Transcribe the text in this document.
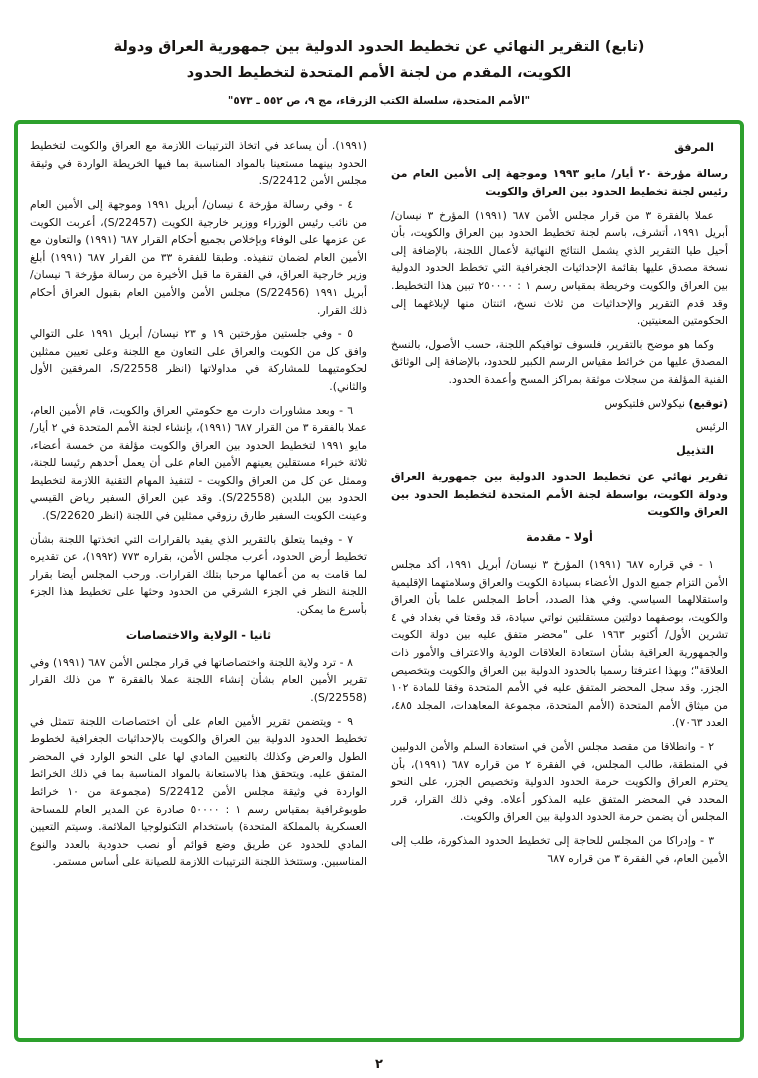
(تابع) التقرير النهائي عن تخطيط الحدود الدولية بين جمهورية العراق ودولة
الكويت، المقدم من لجنة الأمم المتحدة لتخطيط الحدود
"الأمم المتحدة، سلسلة الكتب الزرقاء، مج ٩، ص ٥٥٢ ـ ٥٧٣"
المرفق

رسالة مؤرخة ٢٠ أيار/ مايو ١٩٩٣ وموجهة إلى الأمين العام من رئيس لجنة تخطيط الحدود بين العراق والكويت

عملا بالفقرة ٣ من قرار مجلس الأمن ٦٨٧ (١٩٩١) المؤرخ ٣ نيسان/ أبريل ١٩٩١، أتشرف، باسم لجنة تخطيط الحدود بين العراق والكويت، بأن أحيل طيا التقرير الذي يشمل النتائج النهائية لأعمال اللجنة، بالإضافة إلى نسخة مصدق عليها بقائمة الإحداثيات الجغرافية التي تخطط الحدود الدولية بين العراق والكويت وخريطة بمقياس رسم ١ : ٢٥٠٠٠٠ تبين هذا التخطيط. وقد قدم التقرير والإحداثيات من ثلاث نسخ، اثنتان منها لإبلاغهما إلى الحكومتين المعنيتين.

وكما هو موضح بالتقرير، فلسوف توافيكم اللجنة، حسب الأصول، بالنسخ المصدق عليها من خرائط مقياس الرسم الكبير للحدود، بالإضافة إلى الوثائق الفنية المؤلفة من سجلات موثقة بمراكز المسح وأعمدة الحدود.

(توقيع) نيكولاس فلتيكوس

الرئيس

التذييل

تقرير نهائي عن تخطيط الحدود الدولية بين جمهورية العراق ودولة الكويت، بواسطة لجنة الأمم المتحدة لتخطيط الحدود بين العراق والكويت

أولا - مقدمة

١ - في قراره ٦٨٧ (١٩٩١) المؤرخ ٣ نيسان/ أبريل ١٩٩١، أكد مجلس الأمن التزام جميع الدول الأعضاء بسيادة الكويت والعراق وسلامتهما الإقليمية واستقلالهما السياسي. وفي هذا الصدد، أحاط المجلس علما بأن العراق والكويت، بوصفهما دولتين مستقلتين نواتي سيادة، قد وقعتا في بغداد في ٤ تشرين الأول/ أكتوبر ١٩٦٣ على "محضر متفق عليه بين دولة الكويت والجمهورية العراقية بشأن استعادة العلاقات الودية والاعتراف والأمور ذات العلاقة"؛ وبهذا اعترفتا رسميا بالحدود الدولية بين العراق والكويت وبتخصيص الجزر. وقد سجل المحضر المتفق عليه في الأمم المتحدة وفقا للمادة ١٠٢ من ميثاق الأمم المتحدة (الأمم المتحدة، مجموعة المعاهدات، المجلد ٤٨٥، العدد ٧٠٦٣).

٢ - وانطلاقا من مقصد مجلس الأمن في استعادة السلم والأمن الدوليين في المنطقة، طالب المجلس، في الفقرة ٢ من قراره ٦٨٧ (١٩٩١)، بأن يحترم العراق والكويت حرمة الحدود الدولية وتخصيص الجزر، على النحو المحدد في المحضر المتفق عليه المذكور أعلاه. وفي ذلك القرار، قرر المجلس أن يضمن حرمة الحدود الدولية بين العراق والكويت.

٣ - وإدراكا من المجلس للحاجة إلى تخطيط الحدود المذكورة، طلب إلى الأمين العام، في الفقرة ٣ من قراره ٦٨٧

(١٩٩١). أن يساعد في اتخاذ الترتيبات اللازمة مع العراق والكويت لتخطيط الحدود بينهما مستعينا بالمواد المناسبة بما فيها الخريطة الواردة في وثيقة مجلس الأمن S/22412.

٤ - وفي رسالة مؤرخة ٤ نيسان/ أبريل ١٩٩١ وموجهة إلى الأمين العام من نائب رئيس الوزراء ووزير خارجية الكويت (S/22457)، أعربت الكويت عن عزمها على الوفاء وبإخلاص بجميع أحكام القرار ٦٨٧ (١٩٩١) والتعاون مع الأمين العام لضمان تنفيذه. وطبقا للفقرة ٣٣ من القرار ٦٨٧ (١٩٩١) أبلغ وزير خارجية العراق، في الفقرة ما قبل الأخيرة من رسالة مؤرخة ٦ نيسان/ أبريل ١٩٩١ (S/22456) مجلس الأمن والأمين العام بقبول العراق أحكام ذلك القرار.

٥ - وفي جلستين مؤرختين ١٩ و ٢٣ نيسان/ أبريل ١٩٩١ على التوالي وافق كل من الكويت والعراق على التعاون مع اللجنة وعلى تعيين ممثلين لحكومتيهما للمشاركة في مداولاتها (انظر S/22558، المرفقين الأول والثاني).

٦ - وبعد مشاورات دارت مع حكومتي العراق والكويت، قام الأمين العام، عملا بالفقرة ٣ من القرار ٦٨٧ (١٩٩١)، بإنشاء لجنة الأمم المتحدة في ٢ أيار/ مايو ١٩٩١ لتخطيط الحدود بين العراق والكويت مؤلفة من خمسة أعضاء، ثلاثة خبراء مستقلين يعينهم الأمين العام على أن يعمل أحدهم رئيسا للجنة، وممثل عن كل من العراق والكويت - لتنفيذ المهام التقنية اللازمة لتخطيط الحدود بين البلدين (S/22558). وقد عين العراق السفير رياض القيسي وعينت الكويت السفير طارق رزوقي ممثلين في اللجنة (انظر S/22620).

٧ - وفيما يتعلق بالتقرير الذي يفيد بالقرارات التي اتخذتها اللجنة بشأن تخطيط أرض الحدود، أعرب مجلس الأمن، بقراره ٧٧٣ (١٩٩٢)، عن تقديره لما قامت به من أعمالها مرحبا بتلك القرارات. ورحب المجلس أيضا بقرار اللجنة النظر في الجزء الشرقي من الحدود وحثها على تخطيط هذا الجزء بأسرع ما يمكن.

ثانيا - الولاية والاختصاصات

٨ - ترد ولاية اللجنة واختصاصاتها في قرار مجلس الأمن ٦٨٧ (١٩٩١) وفي تقرير الأمين العام بشأن إنشاء اللجنة عملا بالفقرة ٣ من ذلك القرار (S/22558).

٩ - ويتضمن تقرير الأمين العام على أن اختصاصات اللجنة تتمثل في تخطيط الحدود الدولية بين العراق والكويت بالإحداثيات الجغرافية لخطوط الطول والعرض وكذلك بالتعيين المادي لها على النحو الوارد في المحضر المتفق عليه. ويتحقق هذا بالاستعانة بالمواد المناسبة بما في ذلك الخرائط الواردة في وثيقة مجلس الأمن S/22412 (مجموعة من ١٠ خرائط طوبوغرافية بمقياس رسم ١ : ٥٠٠٠٠ صادرة عن المدير العام للمساحة العسكرية بالمملكة المتحدة) باستخدام التكنولوجيا الملائمة. وسيتم التعيين المادي للحدود عن طريق وضع قوائم أو نصب حدودية بالعدد والنوع المناسبين. وستتخذ اللجنة الترتيبات اللازمة للصيانة على أساس مستمر.

٢
